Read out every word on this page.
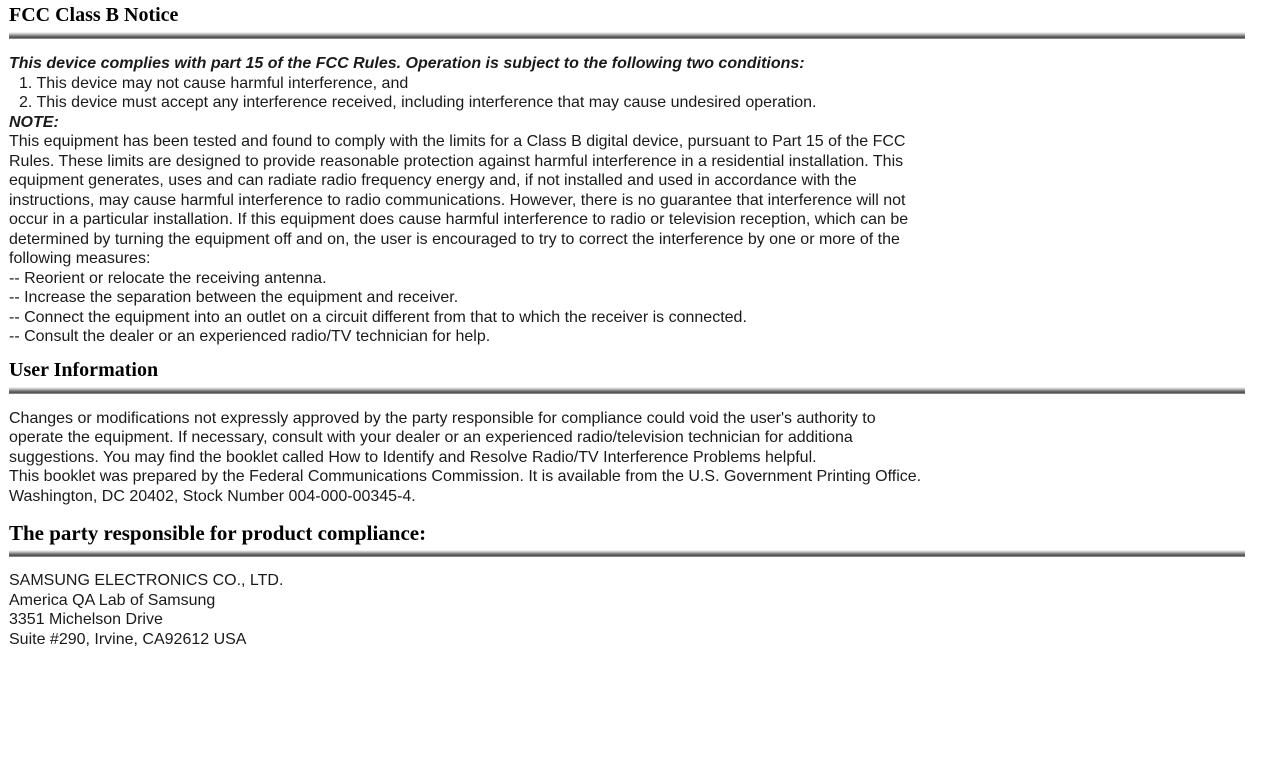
FCC Class B Notice
This device complies with part 15 of the FCC Rules. Operation is subject to the following two conditions:
1. This device may not cause harmful interference, and
2. This device must accept any interference received, including interference that may cause undesired operation.
NOTE:
This equipment has been tested and found to comply with the limits for a Class B digital device, pursuant to Part 15 of the FCC
Rules. These limits are designed to provide reasonable protection against harmful interference in a residential installation. This
equipment generates, uses and can radiate radio frequency energy and, if not installed and used in accordance with the
instructions, may cause harmful interference to radio communications. However, there is no guarantee that interference will not
occur in a particular installation. If this equipment does cause harmful interference to radio or television reception, which can be
determined by turning the equipment off and on, the user is encouraged to try to correct the interference by one or more of the
following measures:
-- Reorient or relocate the receiving antenna.
-- Increase the separation between the equipment and receiver.
-- Connect the equipment into an outlet on a circuit different from that to which the receiver is connected.
-- Consult the dealer or an experienced radio/TV technician for help.
User Information
Changes or modifications not expressly approved by the party responsible for compliance could void the user's authority to
operate the equipment. If necessary, consult with your dealer or an experienced radio/television technician for additiona
suggestions. You may find the booklet called How to Identify and Resolve Radio/TV Interference Problems helpful.
This booklet was prepared by the Federal Communications Commission. It is available from the U.S. Government Printing Office.
Washington, DC 20402, Stock Number 004-000-00345-4.
The party responsible for product compliance:
SAMSUNG ELECTRONICS CO., LTD.
America QA Lab of Samsung
3351 Michelson Drive
Suite #290, Irvine, CA92612 USA
